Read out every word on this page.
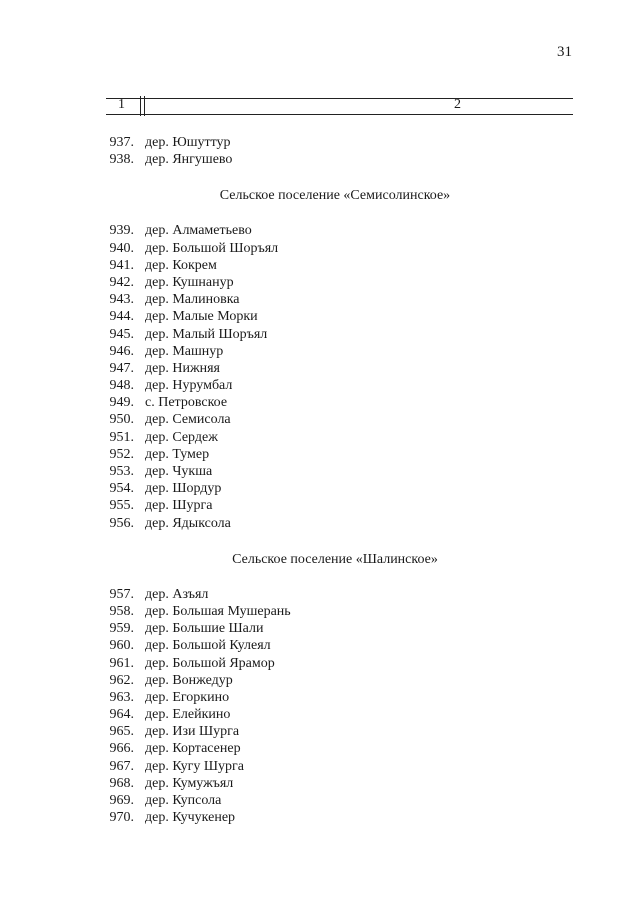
31
1	2
937. дер. Юшуттур
938. дер. Янгушево
Сельское поселение «Семисолинское»
939. дер. Алмаметьево
940. дер. Большой Шоръял
941. дер. Кокрем
942. дер. Кушнанур
943. дер. Малиновка
944. дер. Малые Морки
945. дер. Малый Шоръял
946. дер. Машнур
947. дер. Нижняя
948. дер. Нурумбал
949. с. Петровское
950. дер. Семисола
951. дер. Сердеж
952. дер. Тумер
953. дер. Чукша
954. дер. Шордур
955. дер. Шурга
956. дер. Ядыксола
Сельское поселение «Шалинское»
957. дер. Азъял
958. дер. Большая Мушерань
959. дер. Большие Шали
960. дер. Большой Кулеял
961. дер. Большой Ярамор
962. дер. Вонжедур
963. дер. Егоркино
964. дер. Елейкино
965. дер. Изи Шурга
966. дер. Кортасенер
967. дер. Кугу Шурга
968. дер. Кумужъял
969. дер. Купсола
970. дер. Кучукенер
